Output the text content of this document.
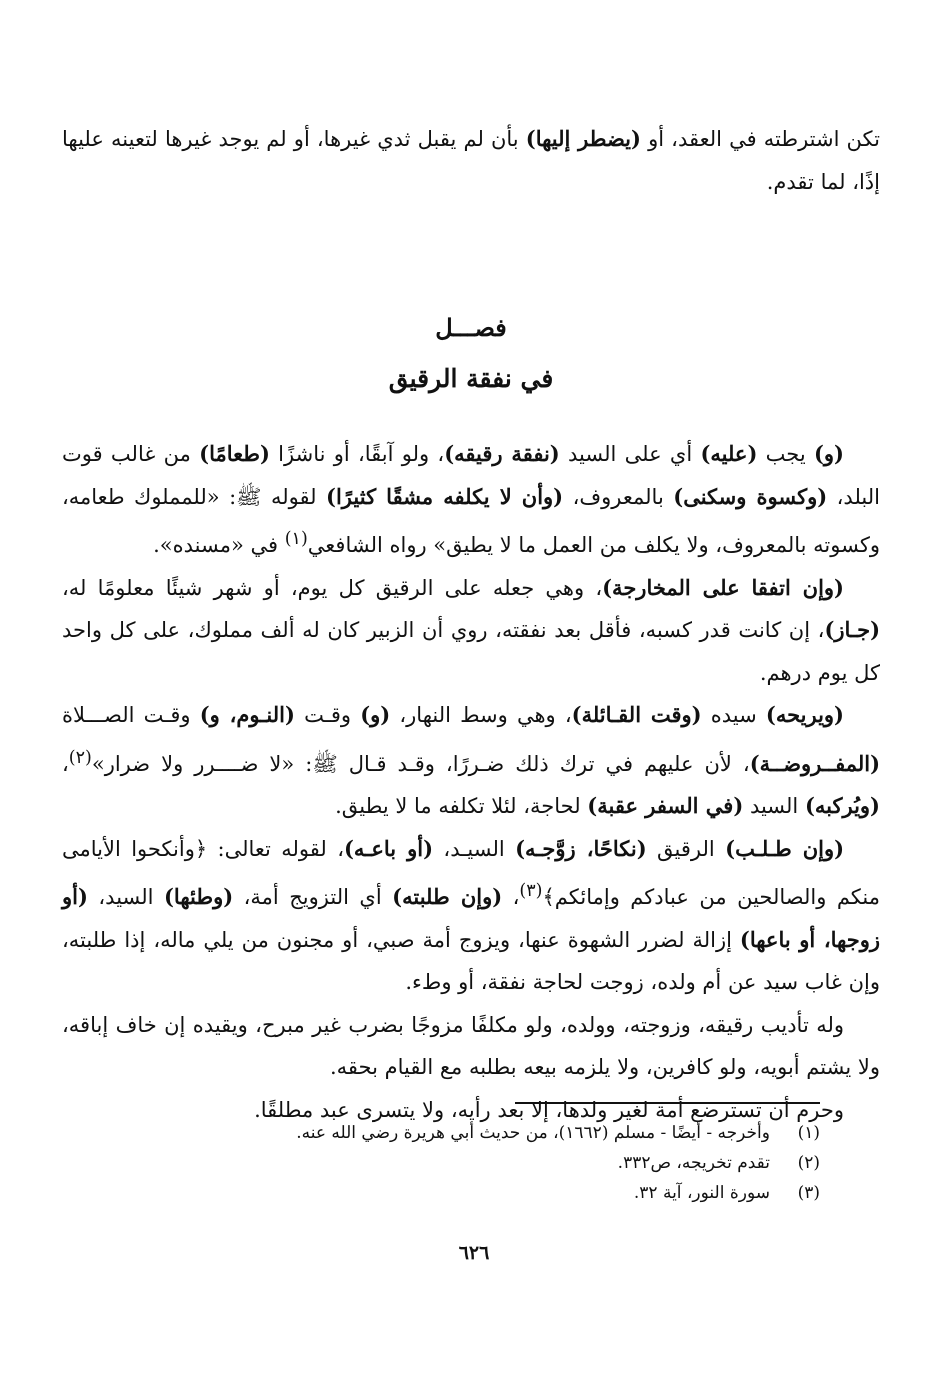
تكن اشترطته في العقد، أو (يضطر إليها) بأن لم يقبل ثدي غيرها، أو لم يوجد غيرها لتعينه عليها إذًا، لما تقدم.

فصـــل
في نفقة الرقيق

(و) يجب (عليه) أي على السيد (نفقة رقيقه)، ولو آبقًا، أو ناشزًا (طعامًا) من غالب قوت البلد، (وكسوة وسكنى) بالمعروف، (وأن لا يكلفه مشقًا كثيرًا) لقوله ﷺ: «للمملوك طعامه، وكسوته بالمعروف، ولا يكلف من العمل ما لا يطيق» رواه الشافعي$^{(١)}$ في «مسنده».

(وإن اتفقا على المخارجة)، وهي جعله على الرقيق كل يوم، أو شهر شيئًا معلومًا له، (جـاز)، إن كانت قدر كسبه، فأقل بعد نفقته، روي أن الزبير كان له ألف مملوك، على كل واحد كل يوم درهم.

(ويريحه) سيده (وقت القـائلة)، وهي وسط النهار، (و) وقـت (النـوم، و) وقـت الصـــلاة (المفــروضــة)، لأن عليهم في ترك ذلك ضـررًا، وقـد قـال ﷺ: «لا ضــــرر ولا ضرار»$^{(٢)}$، (ويُركبه) السيد (في السفر عقبة) لحاجة، لئلا تكلفه ما لا يطيق.

(وإن طـلـب) الرقيق (نكاحًا، زوَّجـه) السيـد، (أو باعـه)، لقوله تعالى: ﴿وأنكحوا الأيامى منكم والصالحين من عبادكم وإمائكم﴾$^{(٣)}$، (وإن طلبته) أي التزويج أمة، (وطئها) السيد، (أو زوجها، أو باعها) إزالة لضرر الشهوة عنها، ويزوج أمة صبي، أو مجنون من يلي ماله، إذا طلبته، وإن غاب سيد عن أم ولده، زوجت لحاجة نفقة، أو وطء.

وله تأديب رقيقه، وزوجته، وولده، ولو مكلفًا مزوجًا بضرب غير مبرح، ويقيده إن خاف إباقه، ولا يشتم أبويه، ولو كافرين، ولا يلزمه بيعه بطلبه مع القيام بحقه.

وحرم أن تسترضع أمة لغير ولدها، إلا بعد رأيه، ولا يتسرى عبد مطلقًا.

(١)
وأخرجه - أيضًا - مسلم (١٦٦٢)، من حديث أبي هريرة رضي الله عنه.
(٢)
تقدم تخريجه، ص٣٣٢.
(٣)
سورة النور، آية ٣٢.
٦٢٦
